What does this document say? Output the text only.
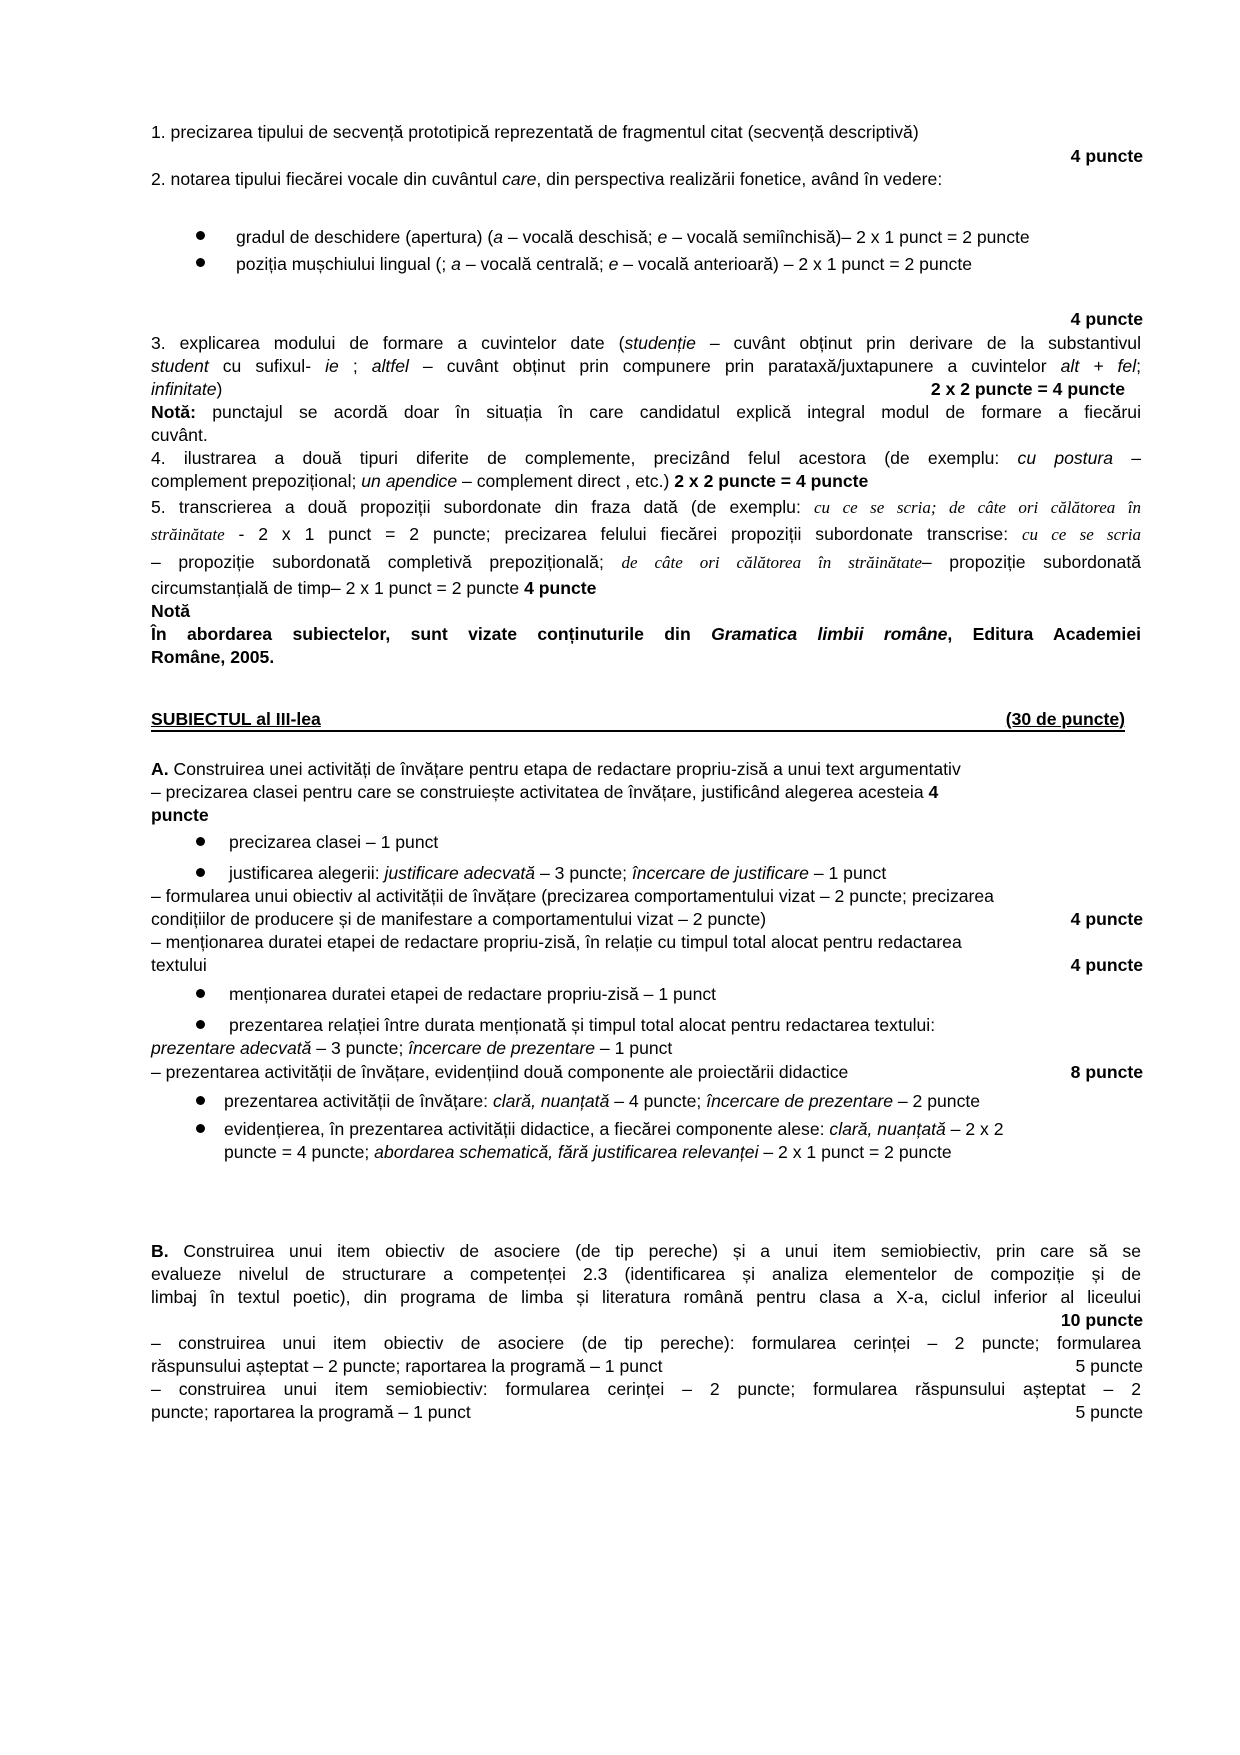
1. precizarea tipului de secvență prototipică reprezentată de fragmentul citat (secvență descriptivă)
4 puncte
2. notarea tipului fiecărei vocale din cuvântul care, din perspectiva realizării fonetice, având în vedere:
gradul de deschidere (apertura) (a – vocală deschisă; e – vocală semiînchisă)– 2 x 1 punct = 2 puncte
poziția mușchiului lingual (; a – vocală centrală; e – vocală anterioară) – 2 x 1 punct = 2 puncte
4 puncte
3. explicarea modului de formare a cuvintelor date (studenție – cuvânt obținut prin derivare de la substantivul
student cu sufixul- ie ; altfel – cuvânt obținut prin compunere prin parataxă/juxtapunere a cuvintelor alt + fel;
infinitate)	2 x 2 puncte = 4 puncte
Notă: punctajul se acordă doar în situația în care candidatul explică integral modul de formare a fiecărui
cuvânt.
4. ilustrarea a două tipuri diferite de complemente, precizând felul acestora (de exemplu: cu postura –
complement prepozițional; un apendice – complement direct , etc.) 2 x 2 puncte = 4 puncte
5. transcrierea a două propoziții subordonate din fraza dată (de exemplu: cu ce se scria; de câte ori călătorea în
străinătate - 2 x 1 punct = 2 puncte; precizarea felului fiecărei propoziții subordonate transcrise: cu ce se scria
– propoziție subordonată completivă prepozițională; de câte ori călătorea în străinătate– propoziție subordonată
circumstanțială de timp– 2 x 1 punct = 2 puncte 4 puncte
Notă
În abordarea subiectelor, sunt vizate conținuturile din Gramatica limbii române, Editura Academiei
Române, 2005.
SUBIECTUL al III-lea	(30 de puncte)
A. Construirea unei activități de învățare pentru etapa de redactare propriu-zisă a unui text argumentativ
– precizarea clasei pentru care se construiește activitatea de învățare, justificând alegerea acesteia 4
puncte
precizarea clasei – 1 punct
justificarea alegerii: justificare adecvată – 3 puncte; încercare de justificare – 1 punct
– formularea unui obiectiv al activității de învățare (precizarea comportamentului vizat – 2 puncte; precizarea
condițiilor de producere și de manifestare a comportamentului vizat – 2 puncte)	4 puncte
– menționarea duratei etapei de redactare propriu-zisă, în relație cu timpul total alocat pentru redactarea
textului	4 puncte
menționarea duratei etapei de redactare propriu-zisă – 1 punct
prezentarea relației între durata menționată și timpul total alocat pentru redactarea textului:
prezentare adecvată – 3 puncte; încercare de prezentare – 1 punct
– prezentarea activității de învățare, evidențiind două componente ale proiectării didactice	8 puncte
prezentarea activității de învățare: clară, nuanțată – 4 puncte; încercare de prezentare – 2 puncte
evidențierea, în prezentarea activității didactice, a fiecărei componente alese: clară, nuanțată – 2 x 2
puncte = 4 puncte; abordarea schematică, fără justificarea relevanței – 2 x 1 punct = 2 puncte
B. Construirea unui item obiectiv de asociere (de tip pereche) și a unui item semiobiectiv, prin care să se
evalueze nivelul de structurare a competenței 2.3 (identificarea și analiza elementelor de compoziție și de
limbaj în textul poetic), din programa de limba și literatura română pentru clasa a X-a, ciclul inferior al liceului
10 puncte
– construirea unui item obiectiv de asociere (de tip pereche): formularea cerinței – 2 puncte; formularea
răspunsului așteptat – 2 puncte; raportarea la programă – 1 punct	5 puncte
– construirea unui item semiobiectiv: formularea cerinței – 2 puncte; formularea răspunsului așteptat – 2
puncte; raportarea la programă – 1 punct	5 puncte
